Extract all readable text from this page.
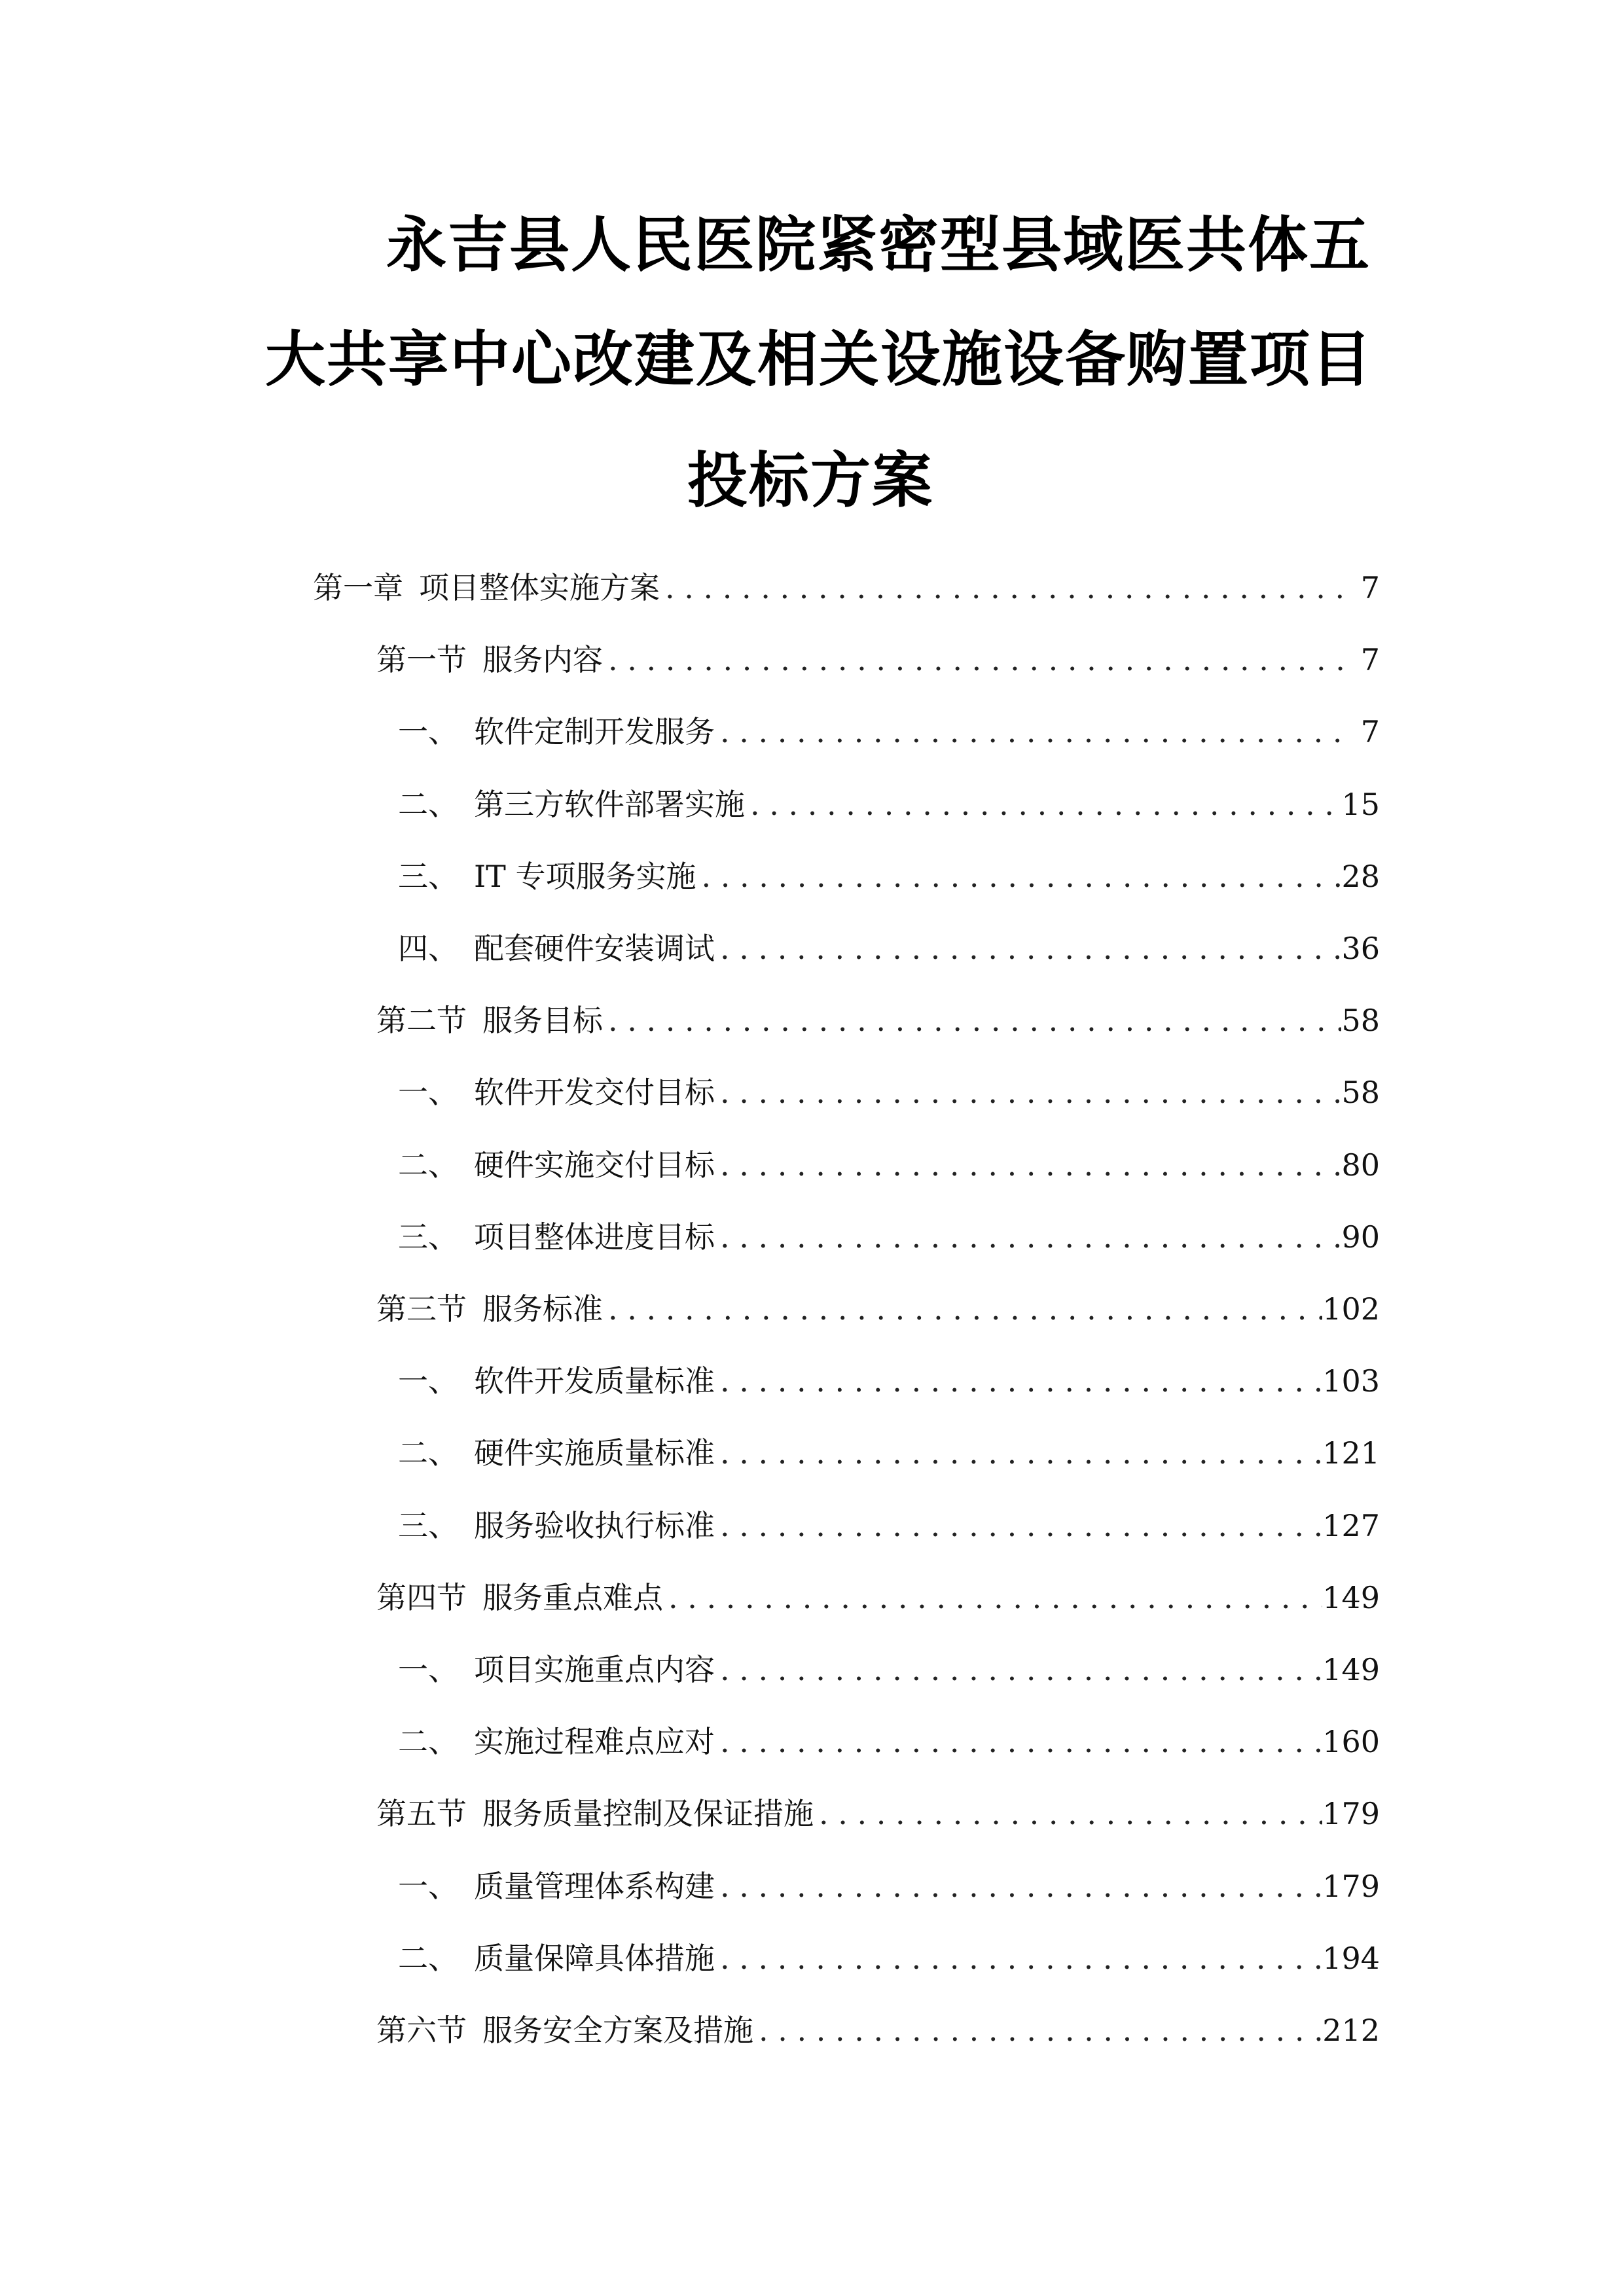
永吉县人民医院紧密型县域医共体五
大共享中心改建及相关设施设备购置项目
投标方案
第一章 项目整体实施方案 . . .	7
第一节 服务内容 . . .	7
一、 软件定制开发服务 . . .	7
二、 第三方软件部署实施 . . .	15
三、 IT 专项服务实施 . . .	28
四、 配套硬件安装调试 . . .	36
第二节 服务目标 . . .	58
一、 软件开发交付目标 . . .	58
二、 硬件实施交付目标 . . .	80
三、 项目整体进度目标 . . .	90
第三节 服务标准 . . .	102
一、 软件开发质量标准 . . .	103
二、 硬件实施质量标准 . . .	121
三、 服务验收执行标准 . . .	127
第四节 服务重点难点 . . .	149
一、 项目实施重点内容 . . .	149
二、 实施过程难点应对 . . .	160
第五节 服务质量控制及保证措施 . . .	179
一、 质量管理体系构建 . . .	179
二、 质量保障具体措施 . . .	194
第六节 服务安全方案及措施 . . .	212
